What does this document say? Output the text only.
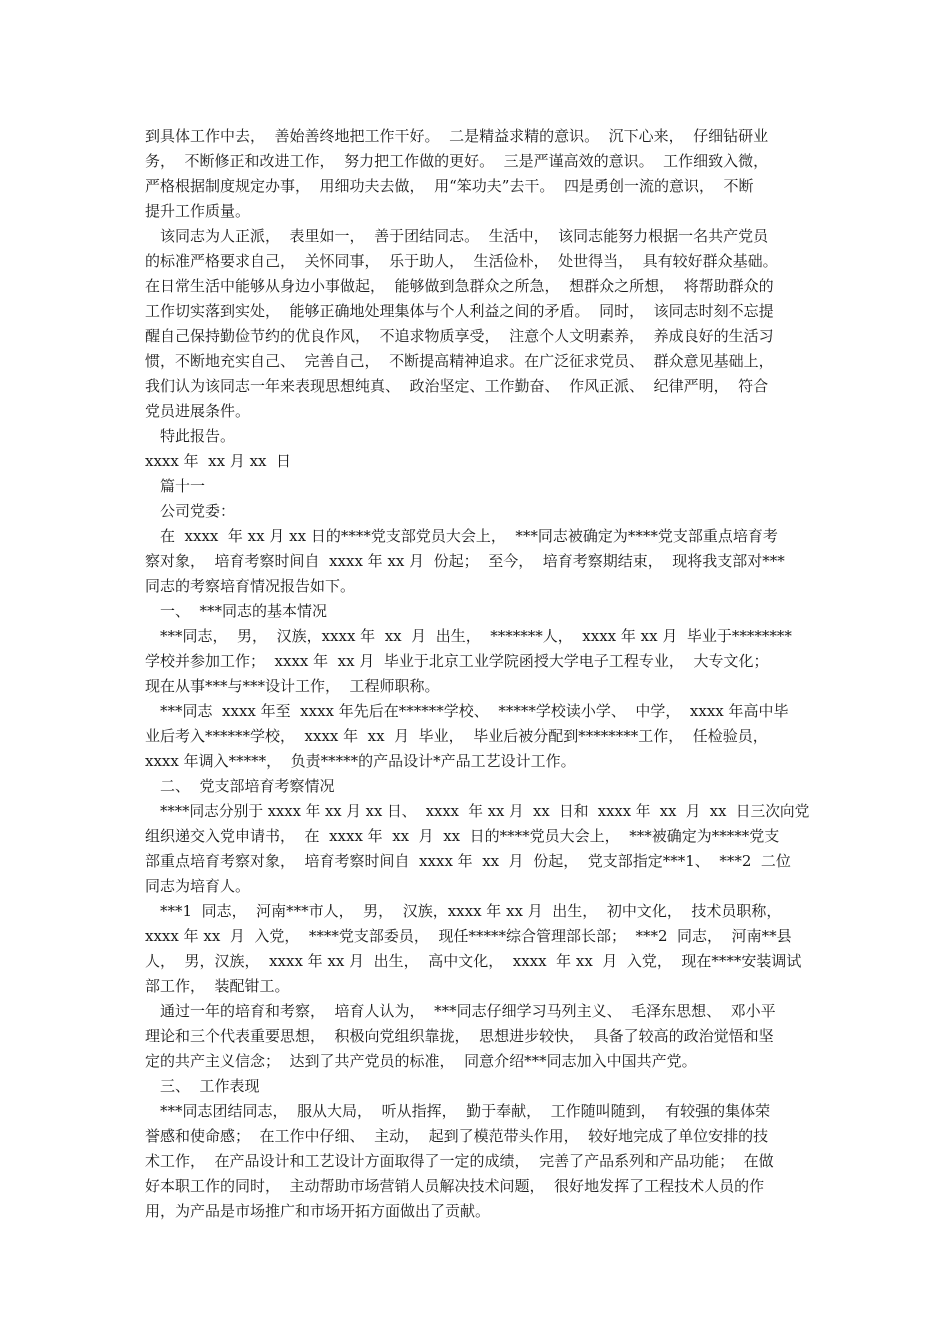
到具体工作中去，  善始善终地把工作干好。  二是精益求精的意识。  沉下心来，  仔细钻研业
务，  不断修正和改进工作，  努力把工作做的更好。  三是严谨高效的意识。  工作细致入微，
严格根据制度规定办事，  用细功夫去做，  用“笨功夫”去干。  四是勇创一流的意识，  不断
提升工作质量。
该同志为人正派，  表里如一，  善于团结同志。  生活中，  该同志能努力根据一名共产党员
的标准严格要求自己，  关怀同事，  乐于助人，  生活俭朴，  处世得当，  具有较好群众基础。
在日常生活中能够从身边小事做起，  能够做到急群众之所急，  想群众之所想，  将帮助群众的
工作切实落到实处，  能够正确地处理集体与个人利益之间的矛盾。  同时，  该同志时刻不忘提
醒自己保持勤俭节约的优良作风，  不追求物质享受，  注意个人文明素养，  养成良好的生活习
惯，不断地充实自己、  完善自己，  不断提高精神追求。在广泛征求党员、  群众意见基础上，
我们认为该同志一年来表现思想纯真、  政治坚定、工作勤奋、  作风正派、  纪律严明，  符合
党员进展条件。
特此报告。
xxxx 年  xx 月 xx  日
篇十一
公司党委：
在  xxxx  年 xx 月 xx 日的****党支部党员大会上，  ***同志被确定为****党支部重点培育考
察对象，  培育考察时间自  xxxx 年 xx 月  份起；  至今，  培育考察期结束，  现将我支部对***
同志的考察培育情况报告如下。
一、  ***同志的基本情况
***同志，  男，  汉族，xxxx 年  xx  月  出生，  *******人，  xxxx 年 xx 月  毕业于********
学校并参加工作；  xxxx 年  xx 月  毕业于北京工业学院函授大学电子工程专业，  大专文化；
现在从事***与***设计工作，  工程师职称。
***同志  xxxx 年至  xxxx 年先后在******学校、  *****学校读小学、  中学，  xxxx 年高中毕
业后考入******学校，  xxxx 年  xx  月  毕业，  毕业后被分配到********工作，  任检验员，
xxxx 年调入*****，  负责*****的产品设计*产品工艺设计工作。
二、  党支部培育考察情况
****同志分别于 xxxx 年 xx 月 xx 日、  xxxx  年 xx 月  xx  日和  xxxx 年  xx  月  xx  日三次向党
组织递交入党申请书，  在  xxxx 年  xx  月  xx  日的****党员大会上，  ***被确定为*****党支
部重点培育考察对象，  培育考察时间自  xxxx 年  xx  月  份起，  党支部指定***1、  ***2  二位
同志为培育人。
***1  同志，  河南***市人，  男，  汉族，xxxx 年 xx 月  出生，  初中文化，  技术员职称，
xxxx 年 xx  月  入党，  ****党支部委员，  现任*****综合管理部长部；  ***2  同志，  河南**县
人，  男，汉族，  xxxx 年 xx 月  出生，  高中文化，  xxxx  年 xx  月  入党，  现在****安装调试
部工作，  装配钳工。
通过一年的培育和考察，  培育人认为，  ***同志仔细学习马列主义、  毛泽东思想、  邓小平
理论和三个代表重要思想，  积极向党组织靠拢，  思想进步较快，  具备了较高的政治觉悟和坚
定的共产主义信念；  达到了共产党员的标准，  同意介绍***同志加入中国共产党。
三、  工作表现
***同志团结同志，  服从大局，  听从指挥，  勤于奉献，  工作随叫随到，  有较强的集体荣
誉感和使命感；  在工作中仔细、  主动，  起到了模范带头作用，  较好地完成了单位安排的技
术工作，  在产品设计和工艺设计方面取得了一定的成绩，  完善了产品系列和产品功能；  在做
好本职工作的同时，  主动帮助市场营销人员解决技术问题，  很好地发挥了工程技术人员的作
用，为产品是市场推广和市场开拓方面做出了贡献。
